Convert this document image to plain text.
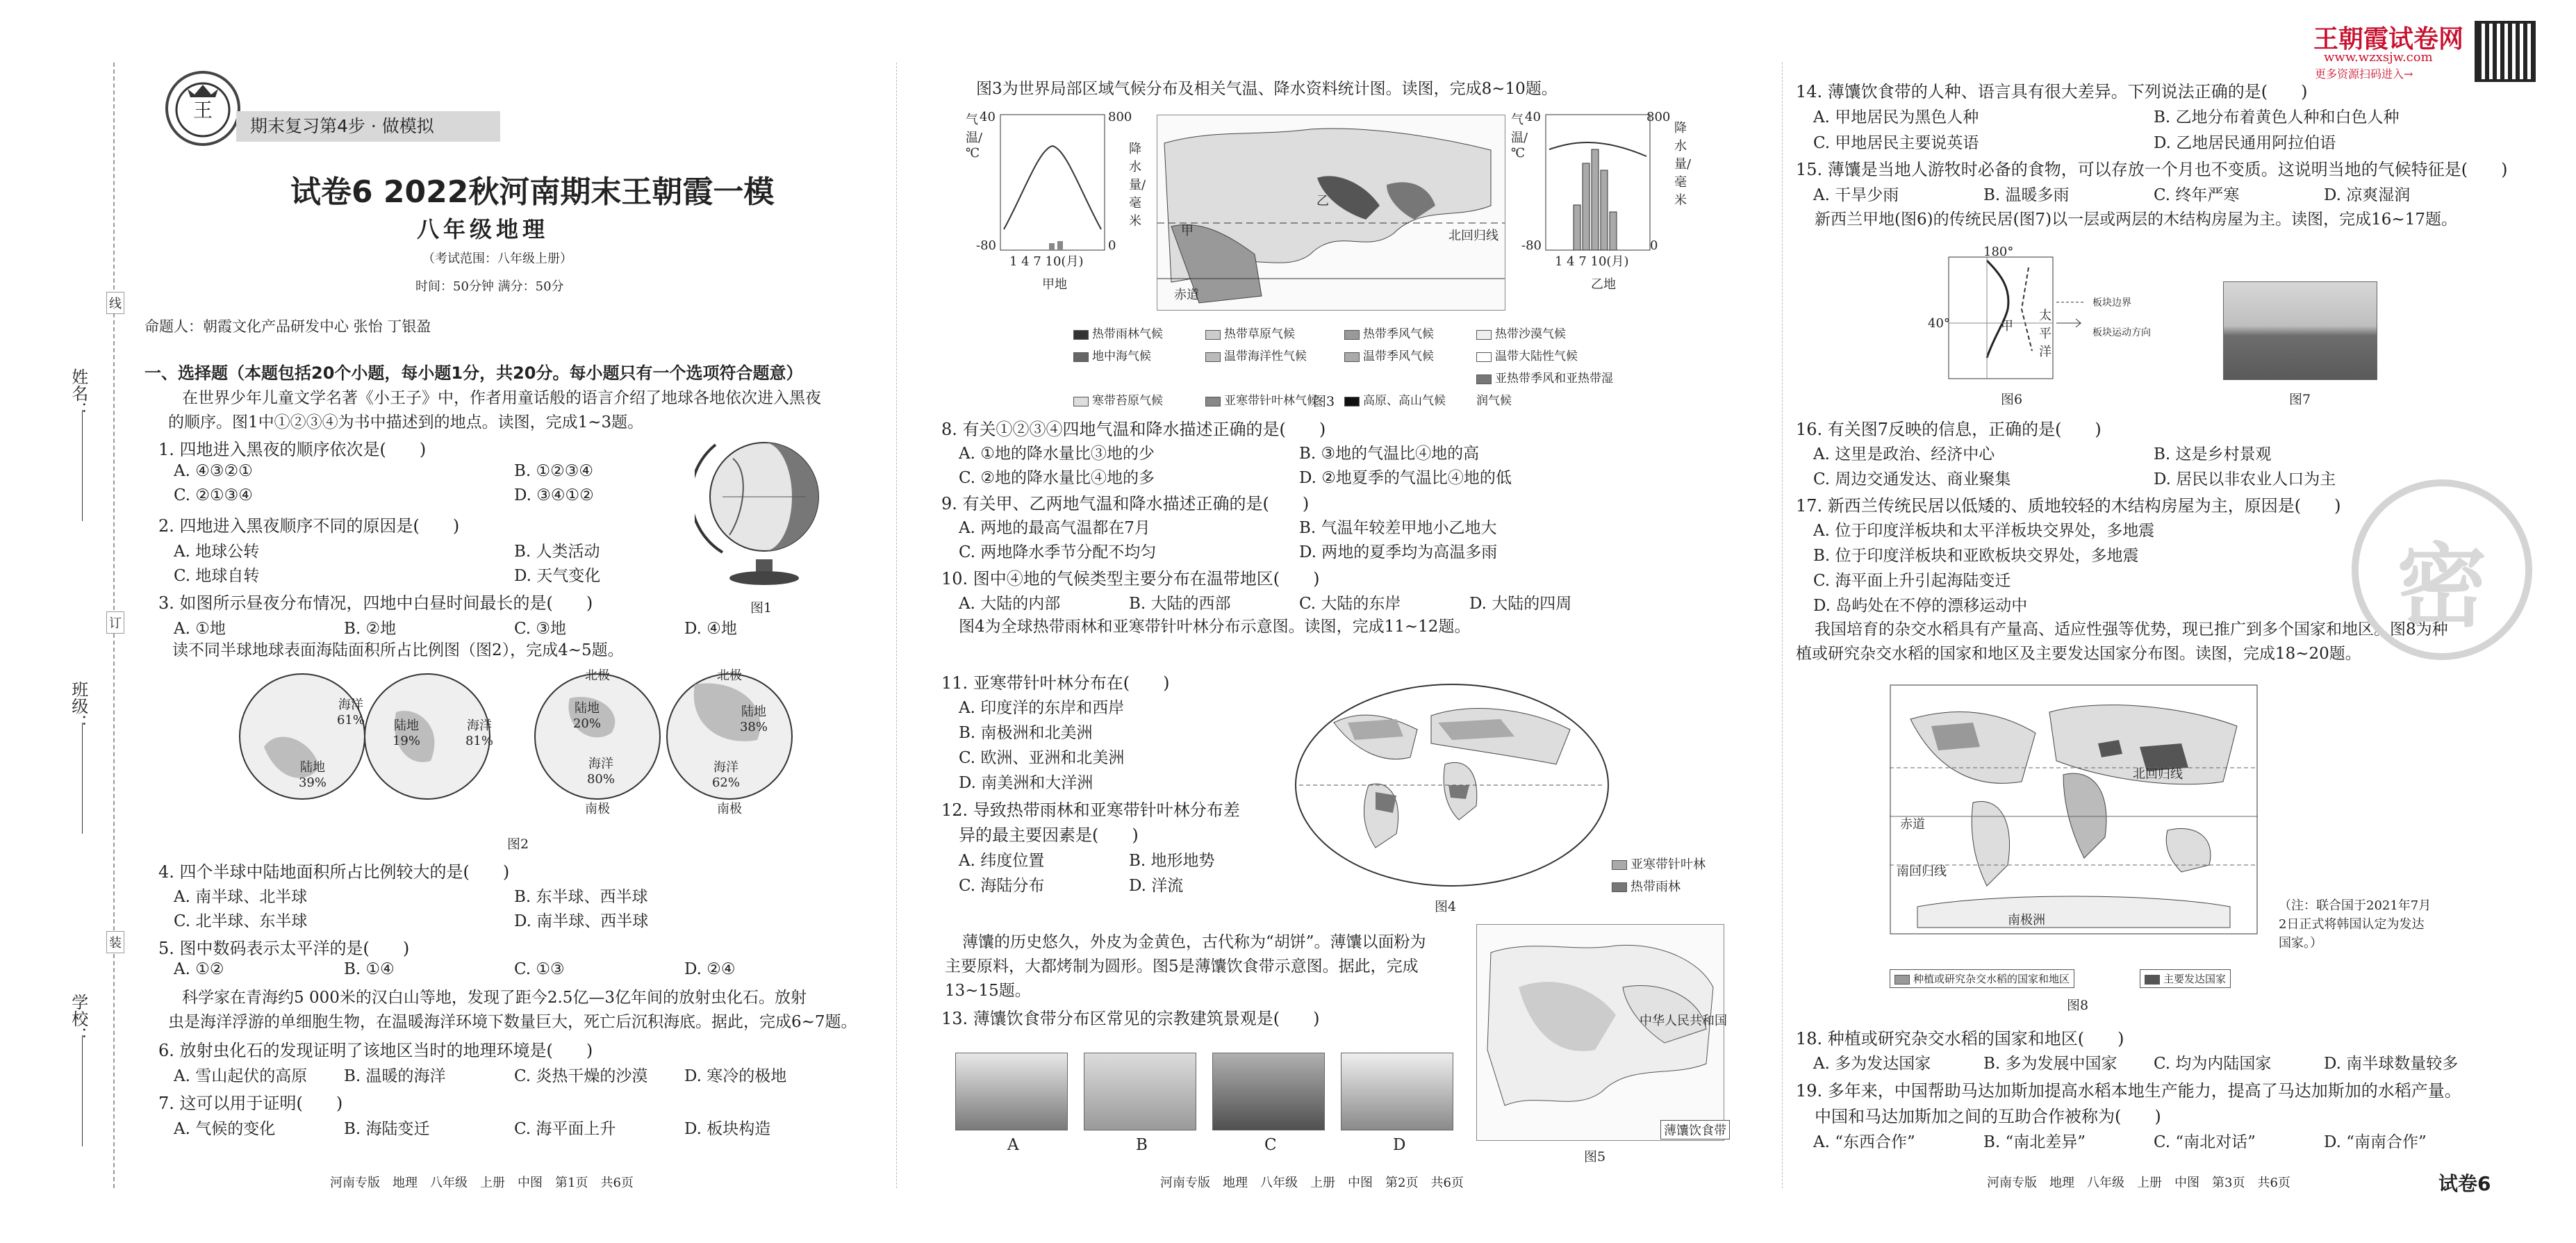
姓名：
班级：
学校：
线
订
装
王
期末复习第4步 · 做模拟
试卷6 2022秋河南期末王朝霞一模
八年级地理
（考试范围：八年级上册）
时间：50分钟 满分：50分
命题人：朝霞文化产品研发中心 张怡 丁银盈
一、选择题（本题包括20个小题，每小题1分，共20分。每小题只有一个选项符合题意）
在世界少年儿童文学名著《小王子》中，作者用童话般的语言介绍了地球各地依次进入黑夜
的顺序。图1中①②③④为书中描述到的地点。读图，完成1~3题。
1. 四地进入黑夜的顺序依次是(　　)
A. ④③②①	B. ①②③④
C. ②①③④	D. ③④①②
2. 四地进入黑夜顺序不同的原因是(　　)
A. 地球公转	B. 人类活动
C. 地球自转	D. 天气变化
3. 如图所示昼夜分布情况，四地中白昼时间最长的是(　　)
A. ①地	B. ②地	C. ③地	D. ④地
图1
读不同半球地球表面海陆面积所占比例图（图2），完成4~5题。
海洋 61%
陆地 39%
陆地 19%
海洋 81%
北极
陆地 20%
海洋 80%
南极
北极
陆地 38%
海洋 62%
南极
图2
4. 四个半球中陆地面积所占比例较大的是(　　)
A. 南半球、北半球	B. 东半球、西半球
C. 北半球、东半球	D. 南半球、西半球
5. 图中数码表示太平洋的是(　　)
A. ①②	B. ①④	C. ①③	D. ②④
科学家在青海约5 000米的汉白山等地，发现了距今2.5亿—3亿年间的放射虫化石。放射
虫是海洋浮游的单细胞生物，在温暖海洋环境下数量巨大，死亡后沉积海底。据此，完成6~7题。
6. 放射虫化石的发现证明了该地区当时的地理环境是(　　)
A. 雪山起伏的高原 B. 温暖的海洋	C. 炎热干燥的沙漠 D. 寒冷的极地
7. 这可以用于证明(　　)
A. 气候的变化	B. 海陆变迁	C. 海平面上升	D. 板块构造
河南专版　地理　八年级　上册　中图　第1页　共6页
图3为世界局部区域气候分布及相关气温、降水资料统计图。读图，完成8~10题。
气温/℃	降水量/毫米
40
-80
800
0
1 4 7 10(月)
甲地
甲
乙
北回归线
赤道
气温/℃
降水量/毫米
40
-80
800
0
1 4 7 10(月)
乙地
热带雨林气候	热带草原气候	热带季风气候	热带沙漠气候 地中海气候	温带海洋性气候	温带季风气候	温带大陆性气候 寒带苔原气候	亚寒带针叶林气候	高原、高山气候亚热带季风和亚热带湿润气候
图3
8. 有关①②③④四地气温和降水描述正确的是(　　)
A. ①地的降水量比③地的少	B. ③地的气温比④地的高
C. ②地的降水量比④地的多	D. ②地夏季的气温比④地的低
9. 有关甲、乙两地气温和降水描述正确的是(　　)
A. 两地的最高气温都在7月	B. 气温年较差甲地小乙地大
C. 两地降水季节分配不均匀	D. 两地的夏季均为高温多雨
10. 图中④地的气候类型主要分布在温带地区(　　)
A. 大陆的内部	B. 大陆的西部	C. 大陆的东岸	D. 大陆的四周
图4为全球热带雨林和亚寒带针叶林分布示意图。读图，完成11~12题。
11. 亚寒带针叶林分布在(　　)
A. 印度洋的东岸和西岸
B. 南极洲和北美洲
C. 欧洲、亚洲和北美洲
D. 南美洲和大洋洲
12. 导致热带雨林和亚寒带针叶林分布差
异的最主要因素是(　　)
A. 纬度位置	B. 地形地势
C. 海陆分布	D. 洋流
亚寒带针叶林
热带雨林
图4
薄馕的历史悠久，外皮为金黄色，古代称为“胡饼”。薄馕以面粉为
主要原料，大都烤制为圆形。图5是薄馕饮食带示意图。据此，完成
13~15题。
13. 薄馕饮食带分布区常见的宗教建筑景观是(　　)
A	B	C	D
中华人民共和国
薄馕饮食带
图5
河南专版　地理　八年级　上册　中图　第2页　共6页
王朝霞试卷网
www.wzxsjw.com
更多资源扫码进入→
14. 薄馕饮食带的人种、语言具有很大差异。下列说法正确的是(　　)
A. 甲地居民为黑色人种	B. 乙地分布着黄色人种和白色人种
C. 甲地居民主要说英语	D. 乙地居民通用阿拉伯语
15. 薄馕是当地人游牧时必备的食物，可以存放一个月也不变质。这说明当地的气候特征是(　　)
A. 干旱少雨	B. 温暖多雨	C. 终年严寒	D. 凉爽湿润
新西兰甲地(图6)的传统民居(图7)以一层或两层的木结构房屋为主。读图，完成16~17题。
180°
40°	甲
太平洋
板块边界
板块运动方向
图6	图7
16. 有关图7反映的信息，正确的是(　　)
A. 这里是政治、经济中心	B. 这是乡村景观
C. 周边交通发达、商业聚集	D. 居民以非农业人口为主
17. 新西兰传统民居以低矮的、质地较轻的木结构房屋为主，原因是(　　)
A. 位于印度洋板块和太平洋板块交界处，多地震
B. 位于印度洋板块和亚欧板块交界处，多地震
C. 海平面上升引起海陆变迁
D. 岛屿处在不停的漂移运动中
我国培育的杂交水稻具有产量高、适应性强等优势，现已推广到多个国家和地区。图8为种
植或研究杂交水稻的国家和地区及主要发达国家分布图。读图，完成18~20题。
密
北回归线
赤道
南回归线
南极洲
（注：联合国于2021年7月2日正式将韩国认定为发达国家。）
种植或研究杂交水稻的国家和地区	主要发达国家
图8
18. 种植或研究杂交水稻的国家和地区(　　)
A. 多为发达国家	B. 多为发展中国家 C. 均为内陆国家	D. 南半球数量较多
19. 多年来，中国帮助马达加斯加提高水稻本地生产能力，提高了马达加斯加的水稻产量。
中国和马达加斯加之间的互助合作被称为(　　)
A. “东西合作”	B. “南北差异”	C. “南北对话”	D. “南南合作”
河南专版　地理　八年级　上册　中图　第3页　共6页	试卷6
